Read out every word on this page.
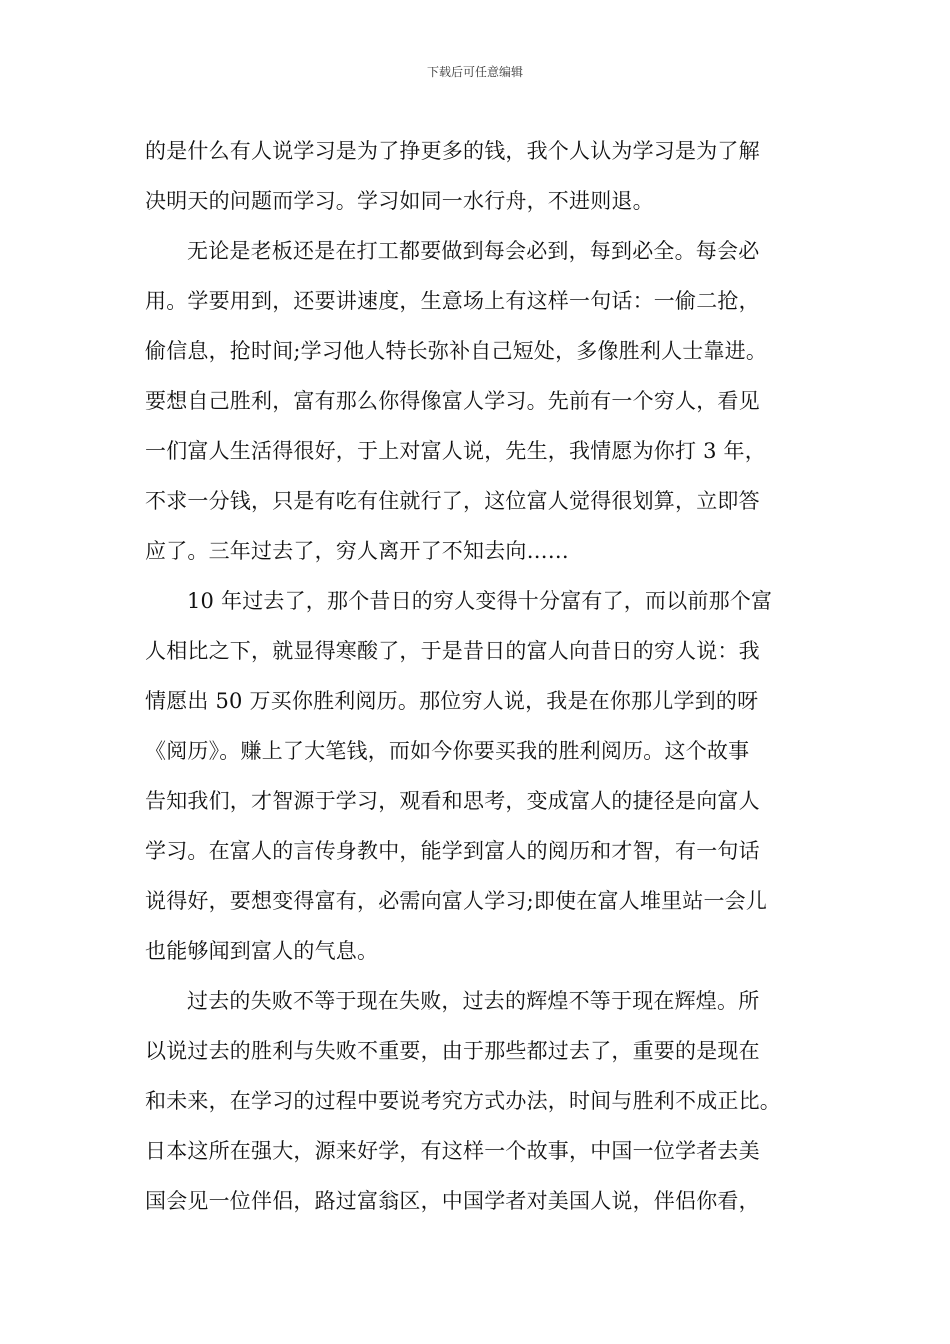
下载后可任意编辑
的是什么有人说学习是为了挣更多的钱，我个人认为学习是为了解
决明天的问题而学习。学习如同一水行舟，不进则退。
无论是老板还是在打工都要做到每会必到，每到必全。每会必
用。学要用到，还要讲速度，生意场上有这样一句话：一偷二抢，
偷信息，抢时间;学习他人特长弥补自己短处，多像胜利人士靠进。
要想自己胜利，富有那么你得像富人学习。先前有一个穷人，看见
一们富人生活得很好，于上对富人说，先生，我情愿为你打 3 年，
不求一分钱，只是有吃有住就行了，这位富人觉得很划算，立即答
应了。三年过去了，穷人离开了不知去向……
10 年过去了，那个昔日的穷人变得十分富有了，而以前那个富
人相比之下，就显得寒酸了，于是昔日的富人向昔日的穷人说：我
情愿出 50 万买你胜利阅历。那位穷人说，我是在你那儿学到的呀
《阅历》。赚上了大笔钱，而如今你要买我的胜利阅历。这个故事
告知我们，才智源于学习，观看和思考，变成富人的捷径是向富人
学习。在富人的言传身教中，能学到富人的阅历和才智，有一句话
说得好，要想变得富有，必需向富人学习;即使在富人堆里站一会儿
也能够闻到富人的气息。
过去的失败不等于现在失败，过去的辉煌不等于现在辉煌。所
以说过去的胜利与失败不重要，由于那些都过去了，重要的是现在
和未来，在学习的过程中要说考究方式办法，时间与胜利不成正比。
日本这所在强大，源来好学，有这样一个故事，中国一位学者去美
国会见一位伴侣，路过富翁区，中国学者对美国人说，伴侣你看，
